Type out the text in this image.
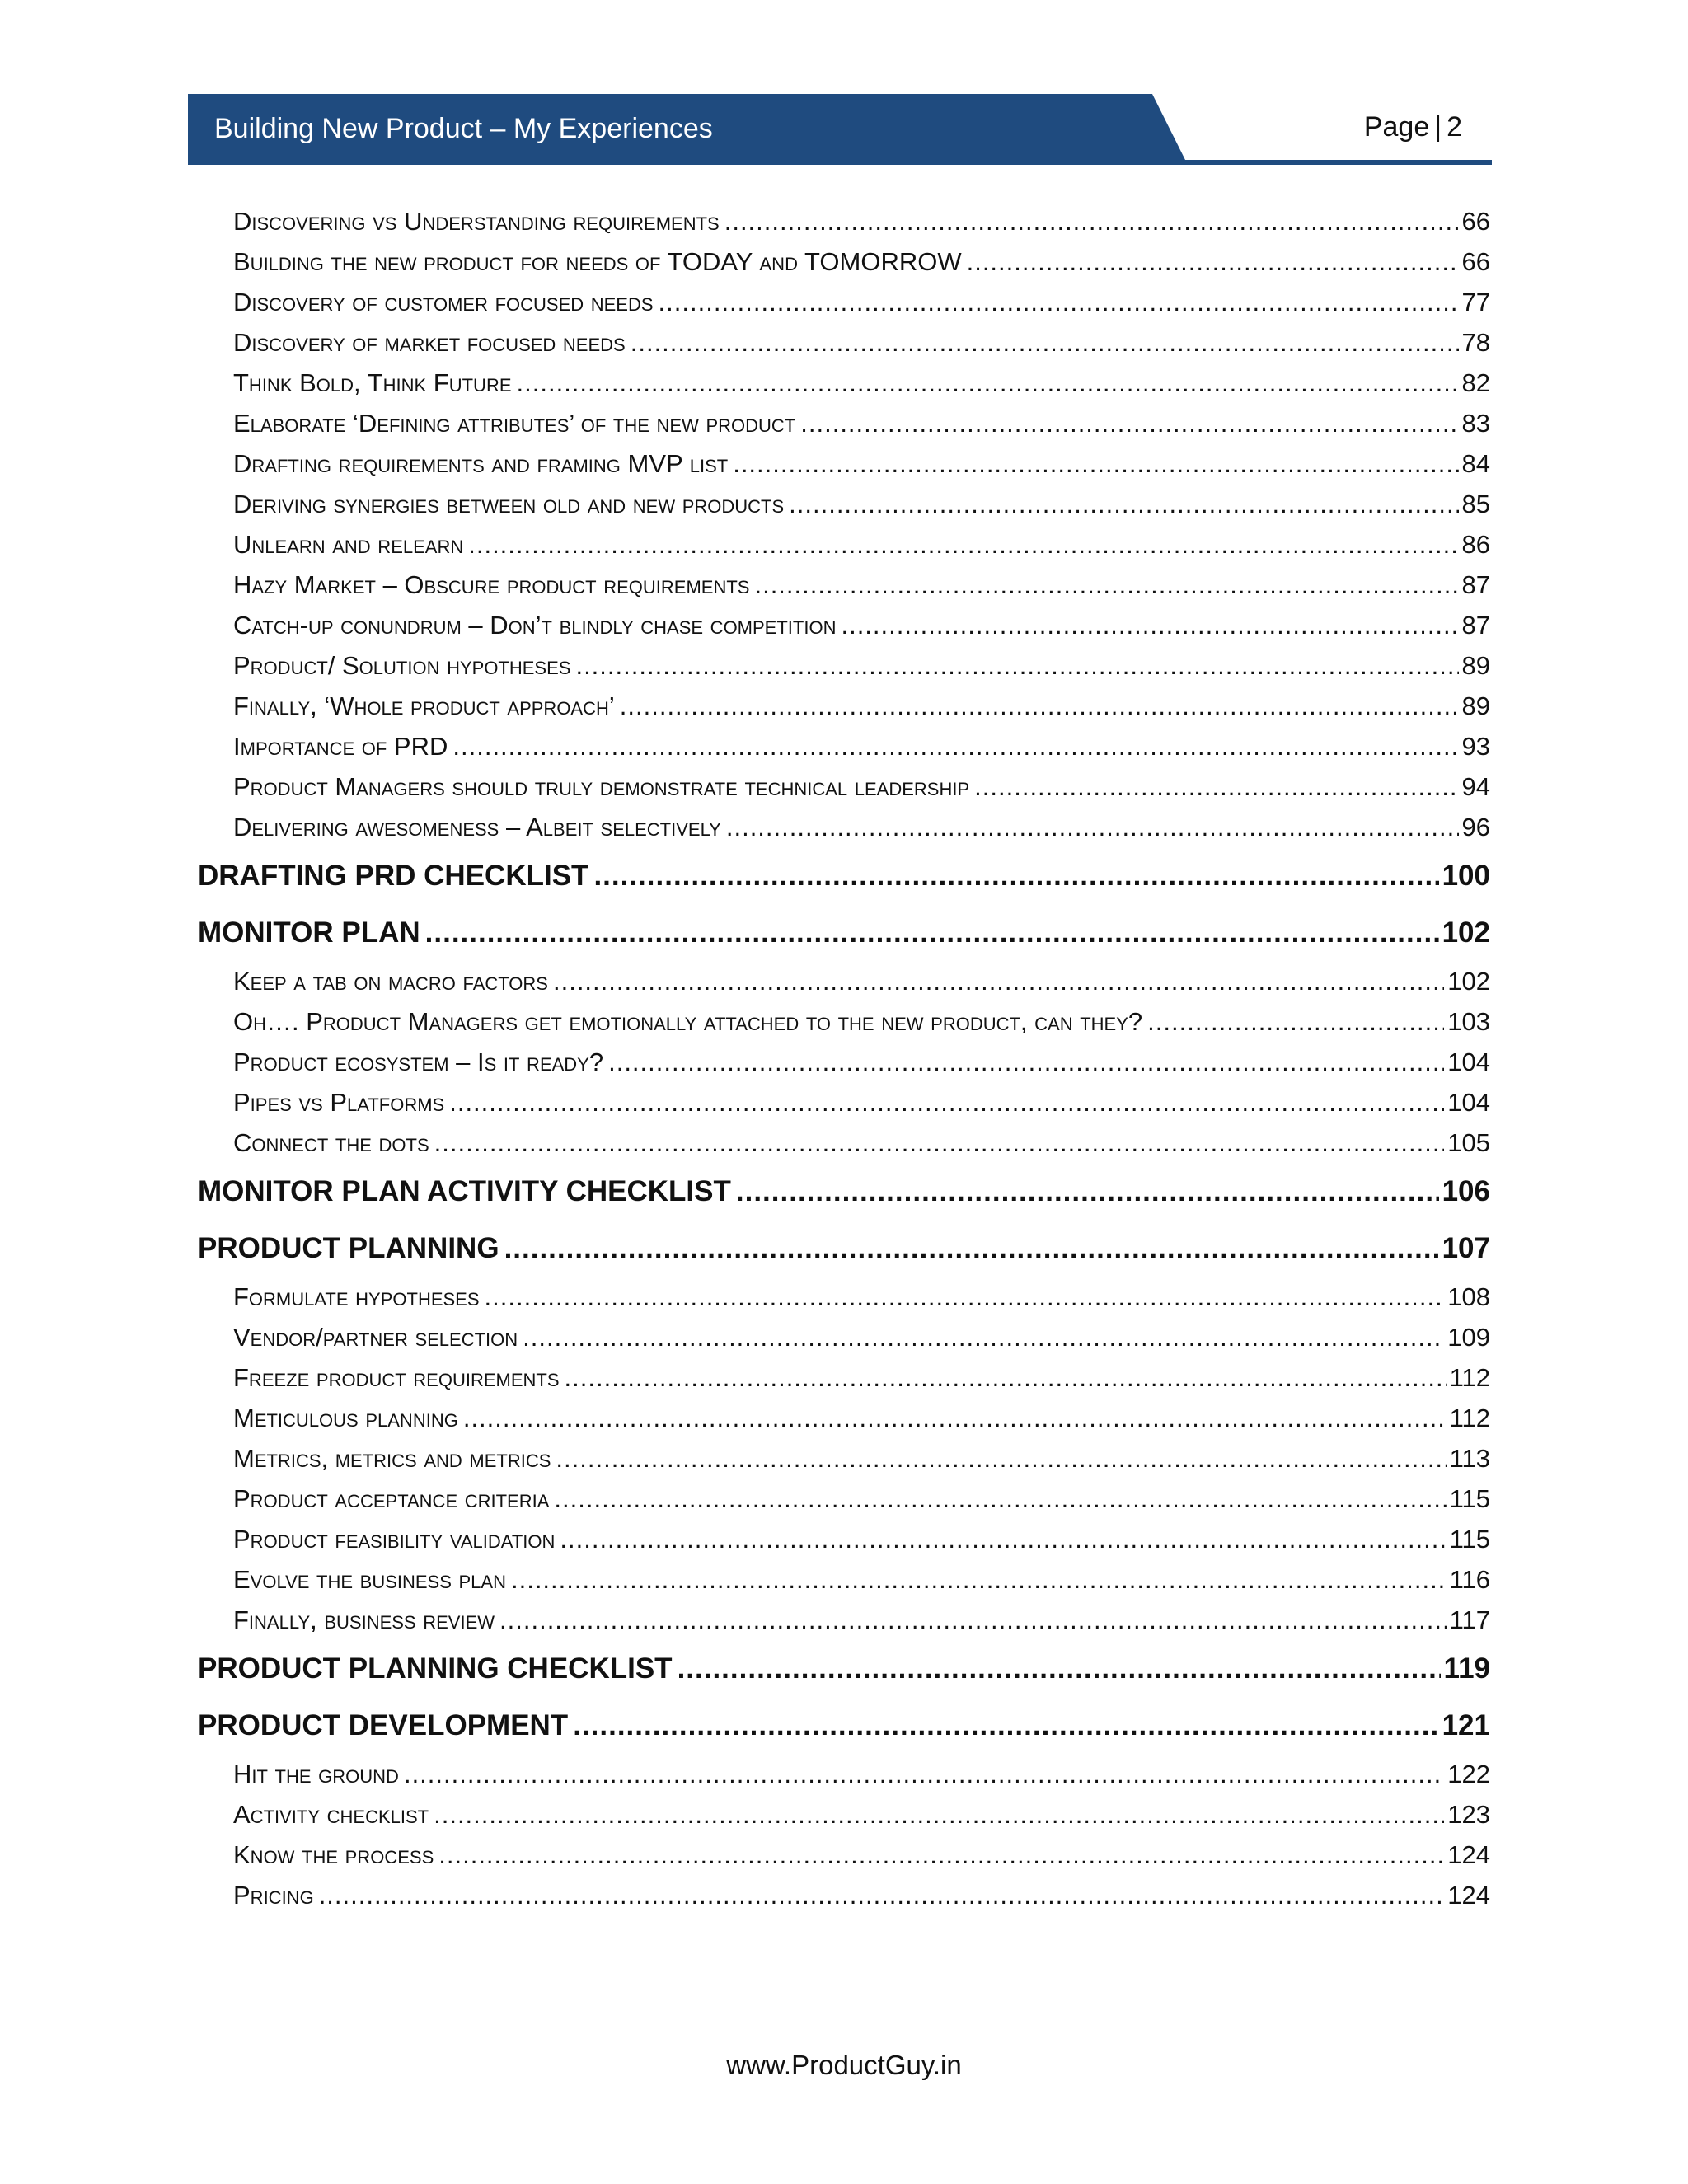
Building New Product – My Experiences	Page | 2
Discovering vs Understanding requirements .....	66
Building the new product for needs of TODAY and TOMORROW .....	66
Discovery of customer focused needs .....	77
Discovery of market focused needs .....	78
Think Bold, Think Future .....	82
Elaborate ‘Defining attributes’ of the new product .....	83
Drafting requirements and framing MVP list .....	84
Deriving synergies between old and new products .....	85
Unlearn and relearn .....	86
Hazy Market – Obscure product requirements .....	87
Catch-up conundrum – Don’t blindly chase competition .....	87
Product/ Solution hypotheses .....	89
Finally, ‘Whole product approach’ .....	89
Importance of PRD .....	93
Product Managers should truly demonstrate technical leadership .....	94
Delivering awesomeness – Albeit selectively .....	96
DRAFTING PRD CHECKLIST .....	100
MONITOR PLAN .....	102
Keep a tab on macro factors .....	102
Oh…. Product Managers get emotionally attached to the new product, can they? .....	103
Product ecosystem – Is it ready? .....	104
Pipes vs Platforms .....	104
Connect the dots .....	105
MONITOR PLAN ACTIVITY CHECKLIST .....	106
PRODUCT PLANNING .....	107
Formulate hypotheses .....	108
Vendor/partner selection .....	109
Freeze product requirements .....	112
Meticulous planning .....	112
Metrics, metrics and metrics .....	113
Product acceptance criteria .....	115
Product feasibility validation .....	115
Evolve the business plan .....	116
Finally, business review .....	117
PRODUCT PLANNING CHECKLIST .....	119
PRODUCT DEVELOPMENT .....	121
Hit the ground .....	122
Activity checklist .....	123
Know the process .....	124
Pricing .....	124
www.ProductGuy.in
